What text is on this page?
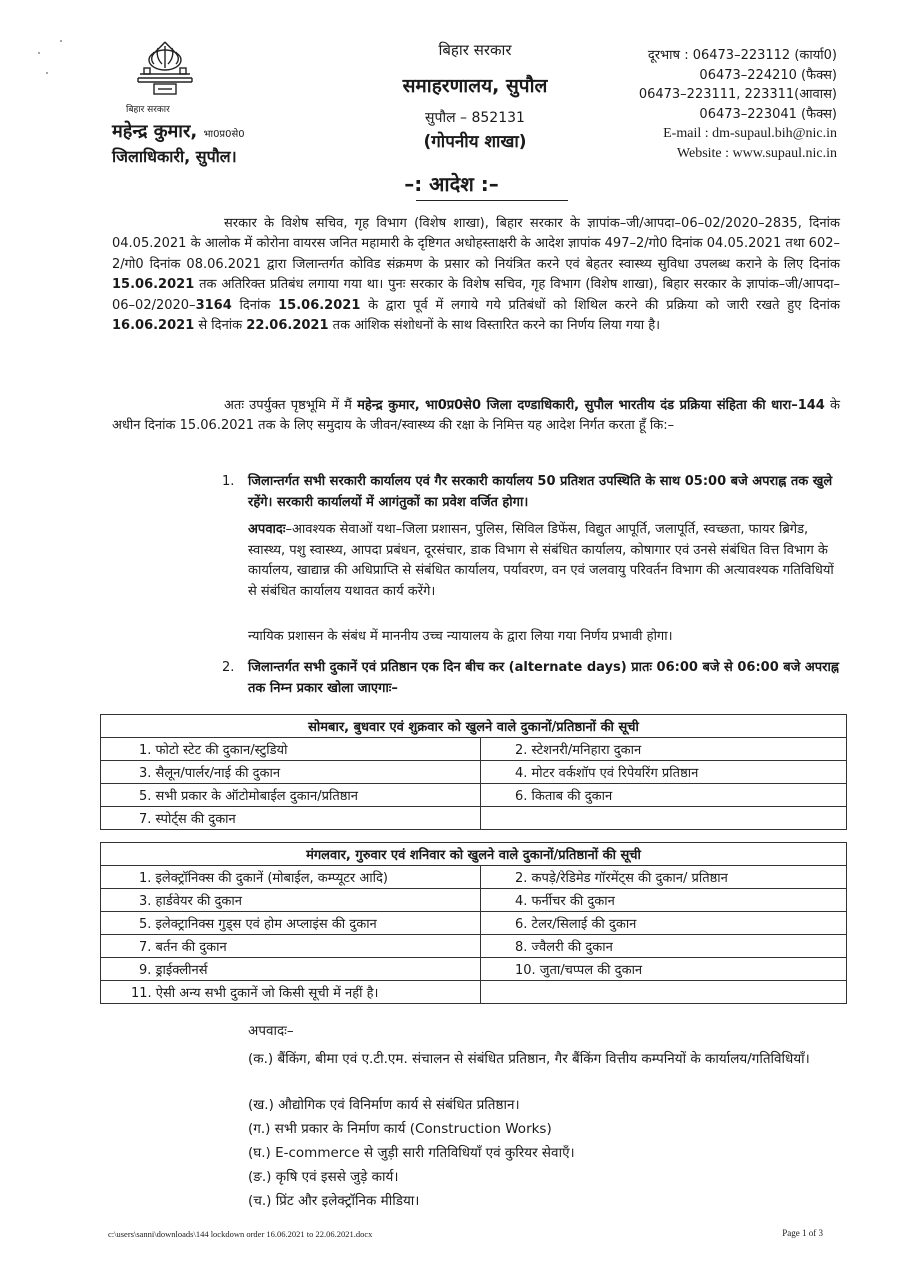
बिहार सरकार
महेन्द्र कुमार, भा0प्र0से0
जिलाधिकारी, सुपौल।
बिहार सरकार
समाहरणालय, सुपौल
सुपौल – 852131
(गोपनीय शाखा)
दूरभाष : 06473–223112 (कार्या0)
06473–224210 (फैक्स)
06473–223111, 223311(आवास)
06473–223041 (फैक्स)
E-mail : dm-supaul.bih@nic.in
Website : www.supaul.nic.in
–: आदेश :–
सरकार के विशेष सचिव, गृह विभाग (विशेष शाखा), बिहार सरकार के ज्ञापांक–जी/आपदा–06–02/2020–2835, दिनांक 04.05.2021 के आलोक में कोरोना वायरस जनित महामारी के दृष्टिगत अधोहस्ताक्षरी के आदेश ज्ञापांक 497–2/गो0 दिनांक 04.05.2021 तथा 602–2/गो0 दिनांक 08.06.2021 द्वारा जिलान्तर्गत कोविड संक्रमण के प्रसार को नियंत्रित करने एवं बेहतर स्वास्थ्य सुविधा उपलब्ध कराने के लिए दिनांक 15.06.2021 तक अतिरिक्त प्रतिबंध लगाया गया था। पुनः सरकार के विशेष सचिव, गृह विभाग (विशेष शाखा), बिहार सरकार के ज्ञापांक–जी/आपदा–06–02/2020–3164 दिनांक 15.06.2021 के द्वारा पूर्व में लगाये गये प्रतिबंधों को शिथिल करने की प्रक्रिया को जारी रखते हुए दिनांक 16.06.2021 से दिनांक 22.06.2021 तक आंशिक संशोधनों के साथ विस्तारित करने का निर्णय लिया गया है।
अतः उपर्युक्त पृष्ठभूमि में मैं महेन्द्र कुमार, भा0प्र0से0 जिला दण्डाधिकारी, सुपौल भारतीय दंड प्रक्रिया संहिता की धारा–144 के अधीन दिनांक 15.06.2021 तक के लिए समुदाय के जीवन/स्वास्थ्य की रक्षा के निमित्त यह आदेश निर्गत करता हूँ कि:–
1. जिलान्तर्गत सभी सरकारी कार्यालय एवं गैर सरकारी कार्यालय 50 प्रतिशत उपस्थिति के साथ 05:00 बजे अपराह्न तक खुले रहेंगे। सरकारी कार्यालयों में आगंतुकों का प्रवेश वर्जित होगा।
अपवादः–आवश्यक सेवाओं यथा–जिला प्रशासन, पुलिस, सिविल डिफेंस, विद्युत आपूर्ति, जलापूर्ति, स्वच्छता, फायर ब्रिगेड, स्वास्थ्य, पशु स्वास्थ्य, आपदा प्रबंधन, दूरसंचार, डाक विभाग से संबंधित कार्यालय, कोषागार एवं उनसे संबंधित वित्त विभाग के कार्यालय, खाद्यान्न की अधिप्राप्ति से संबंधित कार्यालय, पर्यावरण, वन एवं जलवायु परिवर्तन विभाग की अत्यावश्यक गतिविधियों से संबंधित कार्यालय यथावत कार्य करेंगे।
न्यायिक प्रशासन के संबंध में माननीय उच्च न्यायालय के द्वारा लिया गया निर्णय प्रभावी होगा।
2. जिलान्तर्गत सभी दुकानें एवं प्रतिष्ठान एक दिन बीच कर (alternate days) प्रातः 06:00 बजे से 06:00 बजे अपराह्न तक निम्न प्रकार खोला जाएगाः–
सोमबार, बुधवार एवं शुक्रवार को खुलने वाले दुकानों/प्रतिष्ठानों की सूची	
1. फोटो स्टेट की दुकान/स्टुडियो	2. स्टेशनरी/मनिहारा दुकान
3. सैलून/पार्लर/नाई की दुकान	4. मोटर वर्कशॉप एवं रिपेयरिंग प्रतिष्ठान
5. सभी प्रकार के ऑटोमोबाईल दुकान/प्रतिष्ठान	6. किताब की दुकान
7. स्पोर्ट्स की दुकान	
मंगलवार, गुरुवार एवं शनिवार को खुलने वाले दुकानों/प्रतिष्ठानों की सूची	
1. इलेक्ट्रॉनिक्स की दुकानें (मोबाईल, कम्प्यूटर आदि)	2. कपड़े/रेडिमेड गॉरमेंट्स की दुकान/ प्रतिष्ठान
3. हार्डवेयर की दुकान	4. फर्नीचर की दुकान
5. इलेक्ट्रानिक्स गुड्स एवं होम अप्लाइंस की दुकान	6. टेलर/सिलाई की दुकान
7. बर्तन की दुकान	8. ज्वैलरी की दुकान
9. ड्राईक्लीनर्स	10. जुता/चप्पल की दुकान
11. ऐसी अन्य सभी दुकानें जो किसी सूची में नहीं है।	
अपवादः–
(क.) बैंकिंग, बीमा एवं ए.टी.एम. संचालन से संबंधित प्रतिष्ठान, गैर बैंकिंग वित्तीय कम्पनियों के कार्यालय/गतिविधियाँ।
(ख.) औद्योगिक एवं विनिर्माण कार्य से संबंधित प्रतिष्ठान।
(ग.) सभी प्रकार के निर्माण कार्य (Construction Works)
(घ.) E-commerce से जुड़ी सारी गतिविधियाँ एवं कुरियर सेवाएँ।
(ङ.) कृषि एवं इससे जुड़े कार्य।
(च.) प्रिंट और इलेक्ट्रॉनिक मीडिया।
c:\users\sanni\downloads\144 lockdown order 16.06.2021 to 22.06.2021.docx	Page 1 of 3
